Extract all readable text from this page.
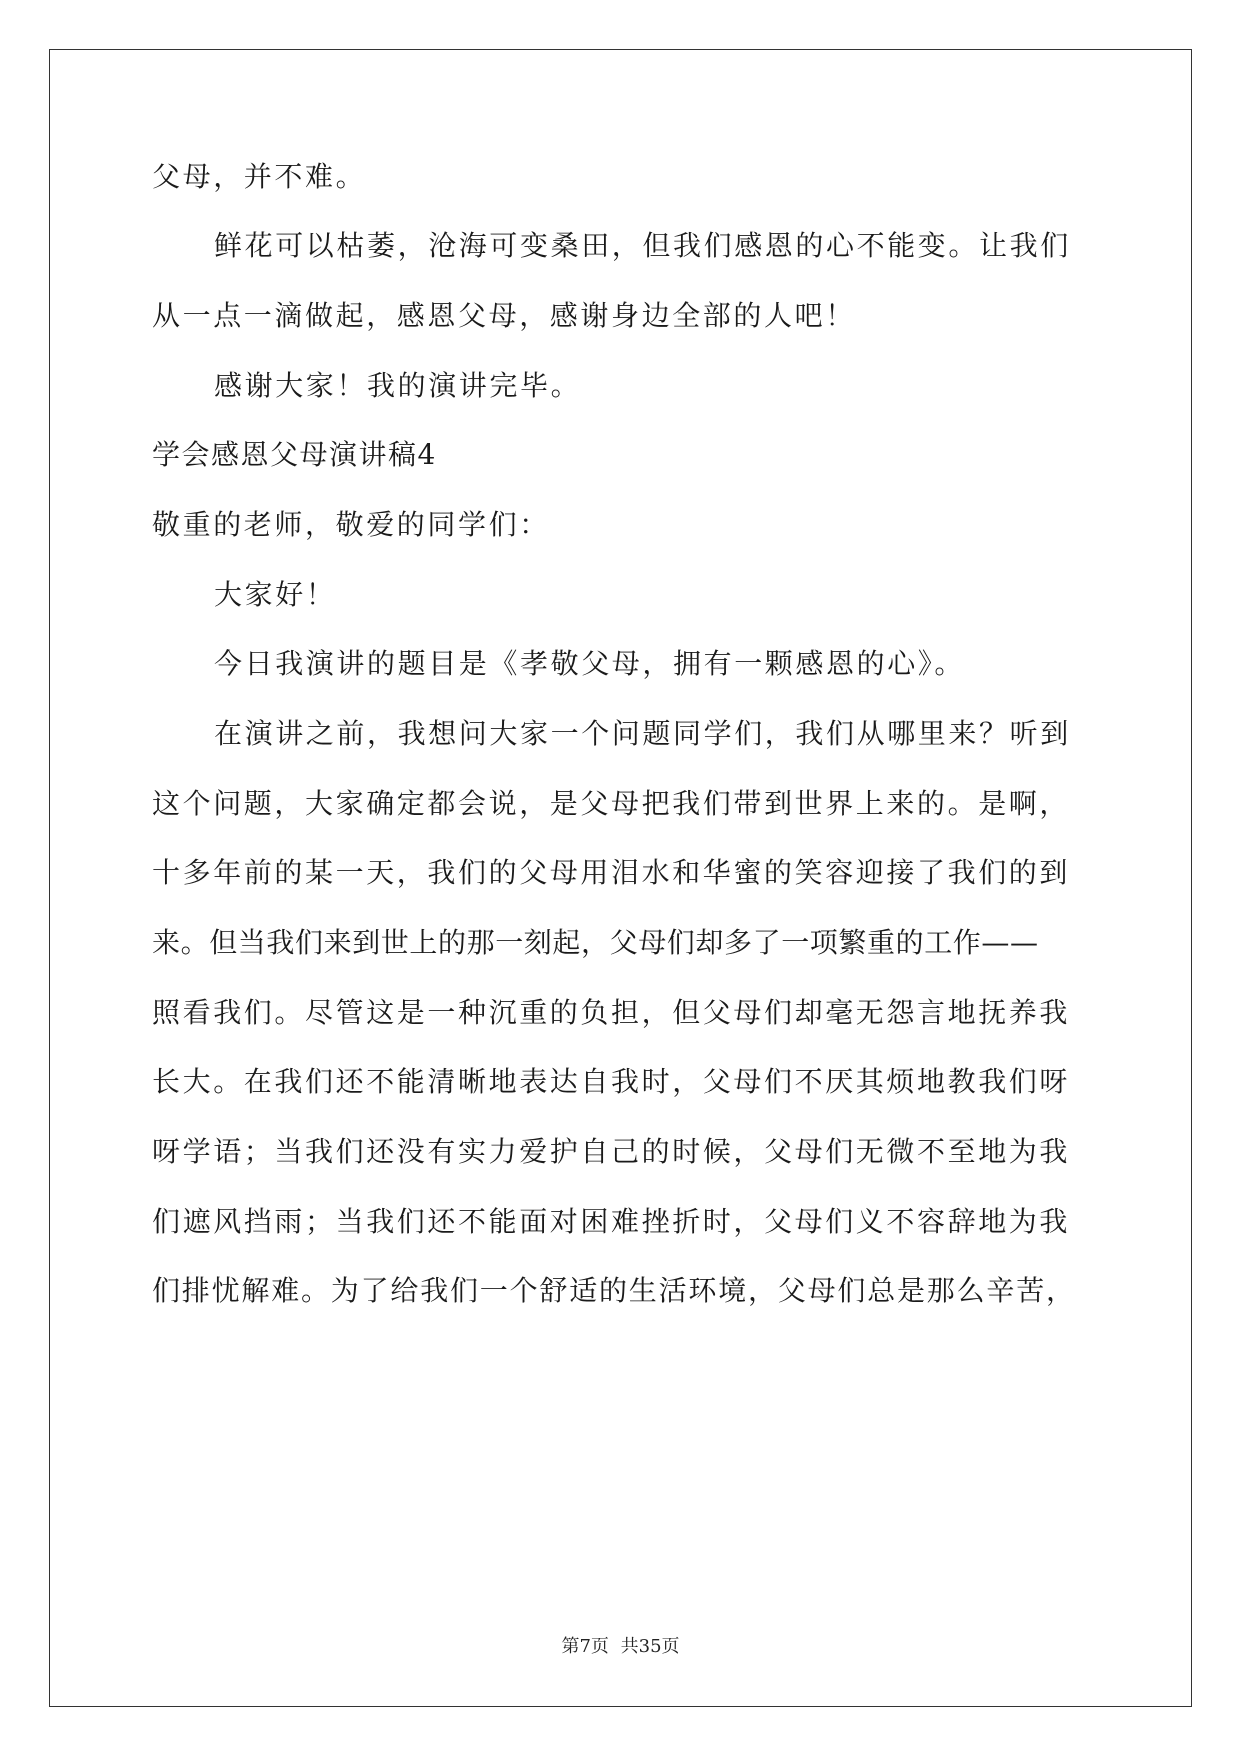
父母，并不难。
鲜花可以枯萎，沧海可变桑田，但我们感恩的心不能变。让我们
从一点一滴做起，感恩父母，感谢身边全部的人吧！
感谢大家！我的演讲完毕。
学会感恩父母演讲稿4
敬重的老师，敬爱的同学们：
大家好！
今日我演讲的题目是《孝敬父母，拥有一颗感恩的心》。
在演讲之前，我想问大家一个问题同学们，我们从哪里来？听到
这个问题，大家确定都会说，是父母把我们带到世界上来的。是啊，
十多年前的某一天，我们的父母用泪水和华蜜的笑容迎接了我们的到
来。但当我们来到世上的那一刻起，父母们却多了一项繁重的工作——
照看我们。尽管这是一种沉重的负担，但父母们却毫无怨言地抚养我
长大。在我们还不能清晰地表达自我时，父母们不厌其烦地教我们呀
呀学语；当我们还没有实力爱护自己的时候，父母们无微不至地为我
们遮风挡雨；当我们还不能面对困难挫折时，父母们义不容辞地为我
们排忧解难。为了给我们一个舒适的生活环境，父母们总是那么辛苦，
第7页 共35页
